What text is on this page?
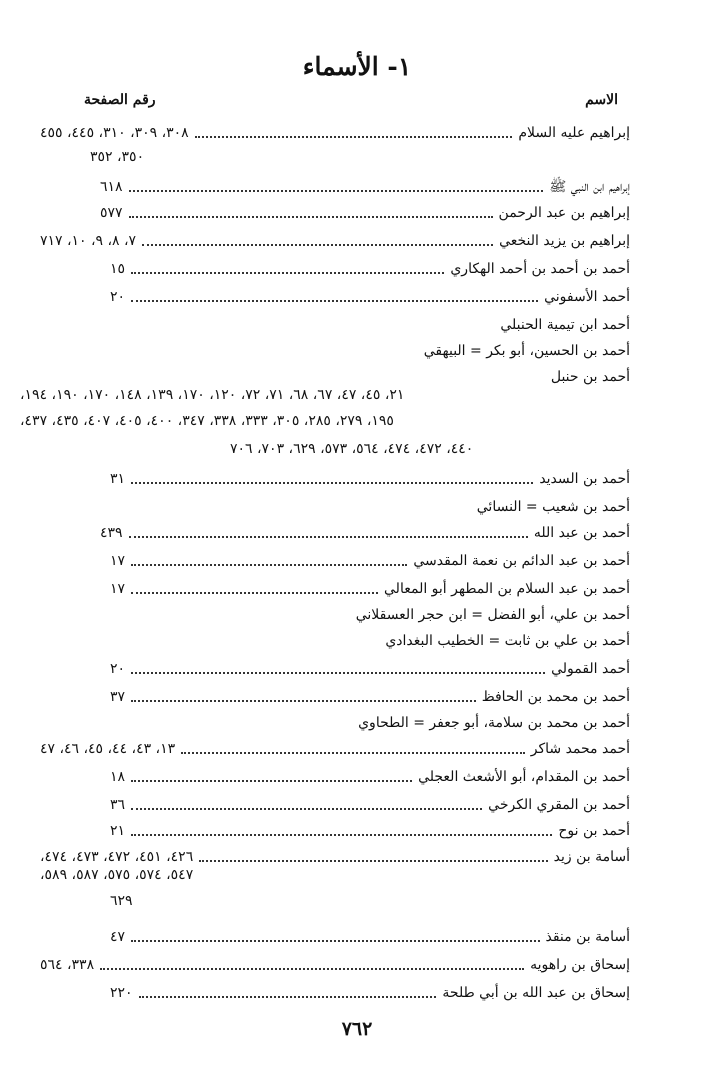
١- الأسماء
الاسم
رقم الصفحة
إبراهيم عليه السلام
٣٠٨، ٣٠٩، ٣١٠، ٤٤٥، ٤٥٥
٣٥٠، ٣٥٢
إبراهيم ابن النبي ﷺ
٦١٨
إبراهيم بن عبد الرحمن
٥٧٧
إبراهيم بن يزيد النخعي
٧، ٨، ٩، ١٠، ٧١٧
أحمد بن أحمد بن أحمد الهكاري
١٥
أحمد الأسفوني
٢٠
أحمد ابن تيمية الحنبلي
أحمد بن الحسين، أبو بكر = البيهقي
أحمد بن حنبل
٢١، ٤٥، ٤٧، ٦٧، ٦٨، ٧١، ٧٢، ١٢٠، ١٧٠، ١٣٩، ١٤٨، ١٧٠، ١٩٠، ١٩٤،
١٩٥، ٢٧٩، ٢٨٥، ٣٠٥، ٣٣٣، ٣٣٨، ٣٤٧، ٤٠٠، ٤٠٥، ٤٠٧، ٤٣٥، ٤٣٧،
٤٤٠، ٤٧٢، ٤٧٤، ٥٦٤، ٥٧٣، ٦٢٩، ٧٠٣، ٧٠٦
أحمد بن السديد
٣١
أحمد بن شعيب = النسائي
أحمد بن عبد الله
٤٣٩
أحمد بن عبد الدائم بن نعمة المقدسي
١٧
أحمد بن عبد السلام بن المطهر أبو المعالي
١٧
أحمد بن علي، أبو الفضل = ابن حجر العسقلاني
أحمد بن علي بن ثابت = الخطيب البغدادي
أحمد القمولي
٢٠
أحمد بن محمد بن الحافظ
٣٧
أحمد بن محمد بن سلامة، أبو جعفر = الطحاوي
أحمد محمد شاكر
١٣، ٤٣، ٤٤، ٤٥، ٤٦، ٤٧
أحمد بن المقدام، أبو الأشعث العجلي
١٨
أحمد بن المقري الكرخي
٣٦
أحمد بن نوح
٢١
أسامة بن زيد
٤٢٦، ٤٥١، ٤٧٢، ٤٧٣، ٤٧٤،
٥٤٧، ٥٧٤، ٥٧٥، ٥٨٧، ٥٨٩،
٦٢٩
أسامة بن منقذ
٤٧
إسحاق بن راهويه
٣٣٨، ٥٦٤
إسحاق بن عبد الله بن أبي طلحة
٢٢٠
٧٦٢
